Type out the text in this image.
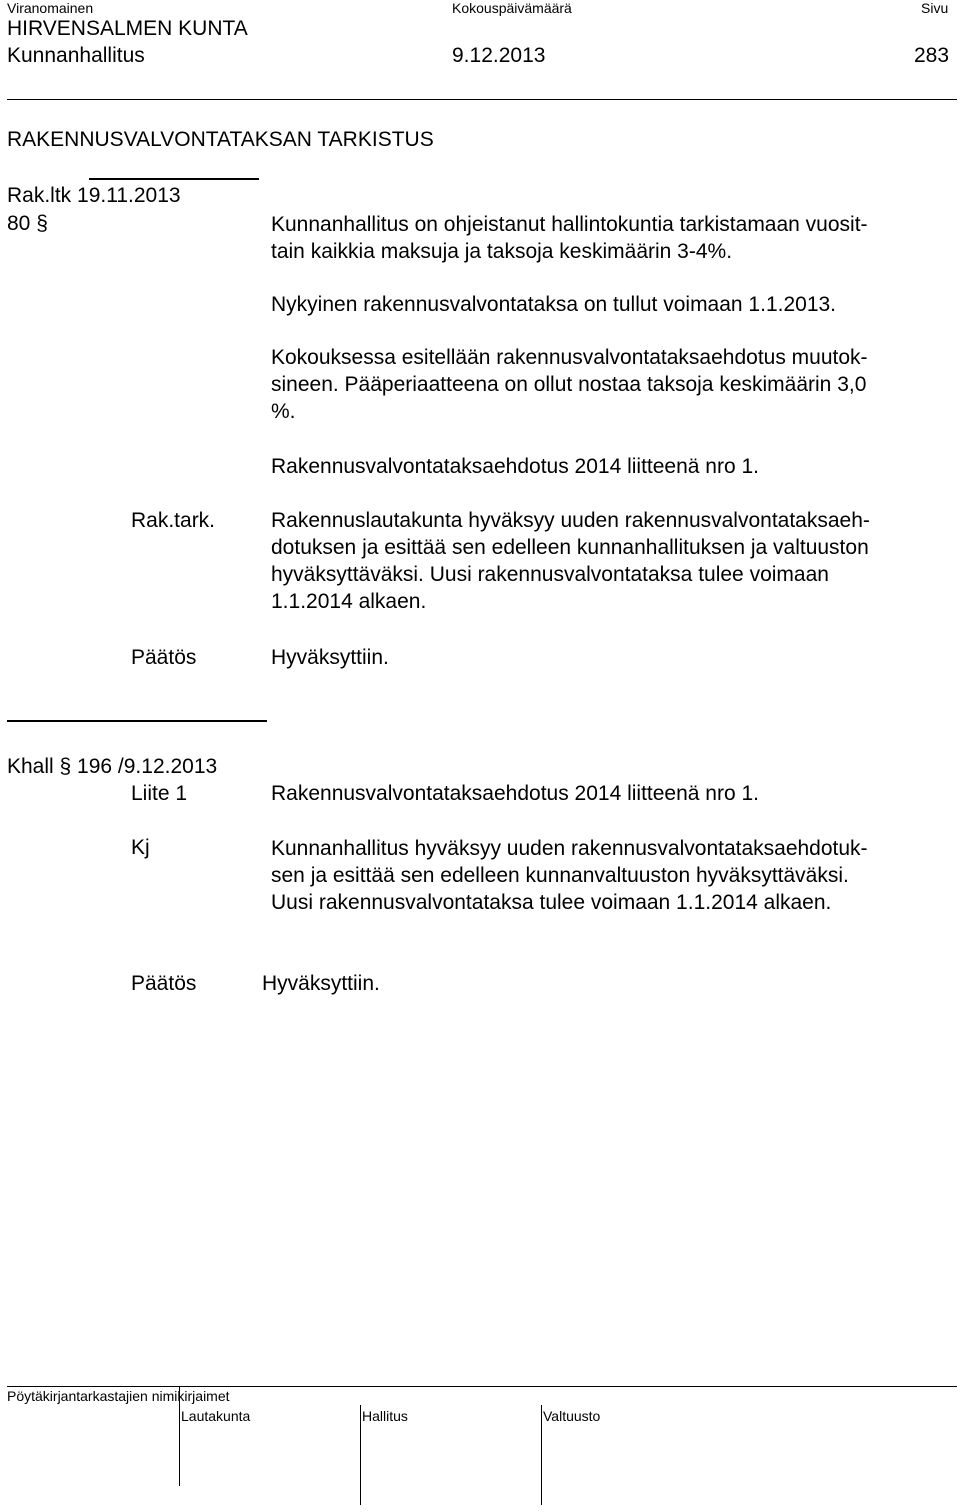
Viranomainen	Kokouspäivämäärä	Sivu
HIRVENSALMEN KUNTA
Kunnanhallitus	9.12.2013	283
RAKENNUSVALVONTATAKSAN TARKISTUS
Rak.ltk 19.11.2013
80 §	Kunnanhallitus on ohjeistanut hallintokuntia tarkistamaan vuosit-
tain kaikkia maksuja ja taksoja keskimäärin 3-4%.
Nykyinen rakennusvalvontataksa on tullut voimaan 1.1.2013.
Kokouksessa esitellään rakennusvalvontataksaehdotus muutok-
sineen. Pääperiaatteena on ollut nostaa taksoja keskimäärin 3,0
%.
Rakennusvalvontataksaehdotus 2014 liitteenä nro 1.
Rak.tark.	Rakennuslautakunta hyväksyy uuden rakennusvalvontataksaeh-
dotuksen ja esittää sen edelleen kunnanhallituksen ja valtuuston
hyväksyttäväksi. Uusi rakennusvalvontataksa tulee voimaan
1.1.2014 alkaen.
Päätös	Hyväksyttiin.
Khall § 196 /9.12.2013
Liite 1	Rakennusvalvontataksaehdotus 2014 liitteenä nro 1.
Kj	Kunnanhallitus hyväksyy uuden rakennusvalvontataksaehdotuk-
sen ja esittää sen edelleen kunnanvaltuuston hyväksyttäväksi.
Uusi rakennusvalvontataksa tulee voimaan 1.1.2014 alkaen.
Päätös	Hyväksyttiin.
Pöytäkirjantarkastajien nimikirjaimet
Lautakunta	Hallitus	Valtuusto
